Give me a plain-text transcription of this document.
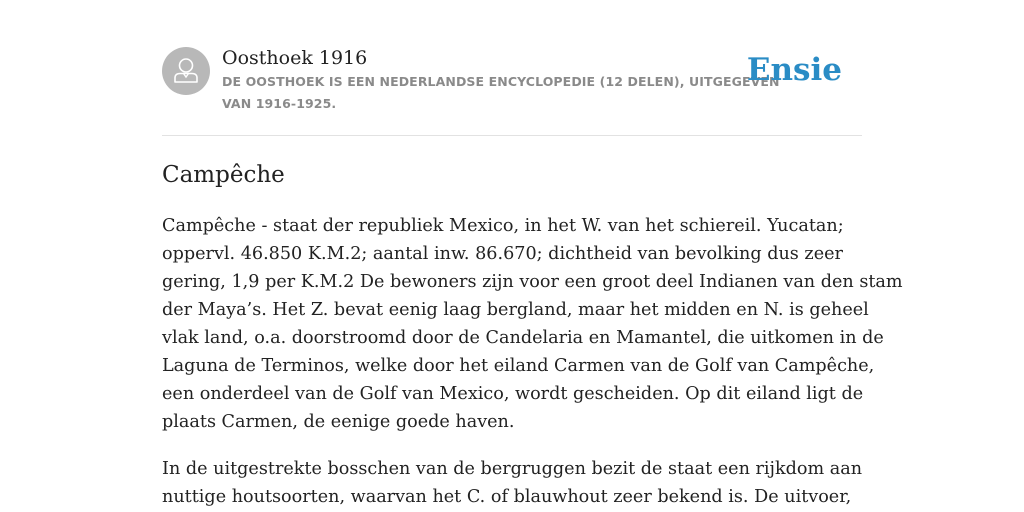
Oosthoek 1916
DE OOSTHOEK IS EEN NEDERLANDSE ENCYCLOPEDIE (12 DELEN), UITGEGEVEN
VAN 1916-1925.
Ensie
Campêche

Campêche - staat der republiek Mexico, in het W. van het schiereil. Yucatan;
oppervl. 46.850 K.M.2; aantal inw. 86.670; dichtheid van bevolking dus zeer
gering, 1,9 per K.M.2 De bewoners zijn voor een groot deel Indianen van den stam
der Maya’s. Het Z. bevat eenig laag bergland, maar het midden en N. is geheel
vlak land, o.a. doorstroomd door de Candelaria en Mamantel, die uitkomen in de
Laguna de Terminos, welke door het eiland Carmen van de Golf van Campêche,
een onderdeel van de Golf van Mexico, wordt gescheiden. Op dit eiland ligt de
plaats Carmen, de eenige goede haven.

In de uitgestrekte bosschen van de bergruggen bezit de staat een rijkdom aan
nuttige houtsoorten, waarvan het C. of blauwhout zeer bekend is. De uitvoer,
